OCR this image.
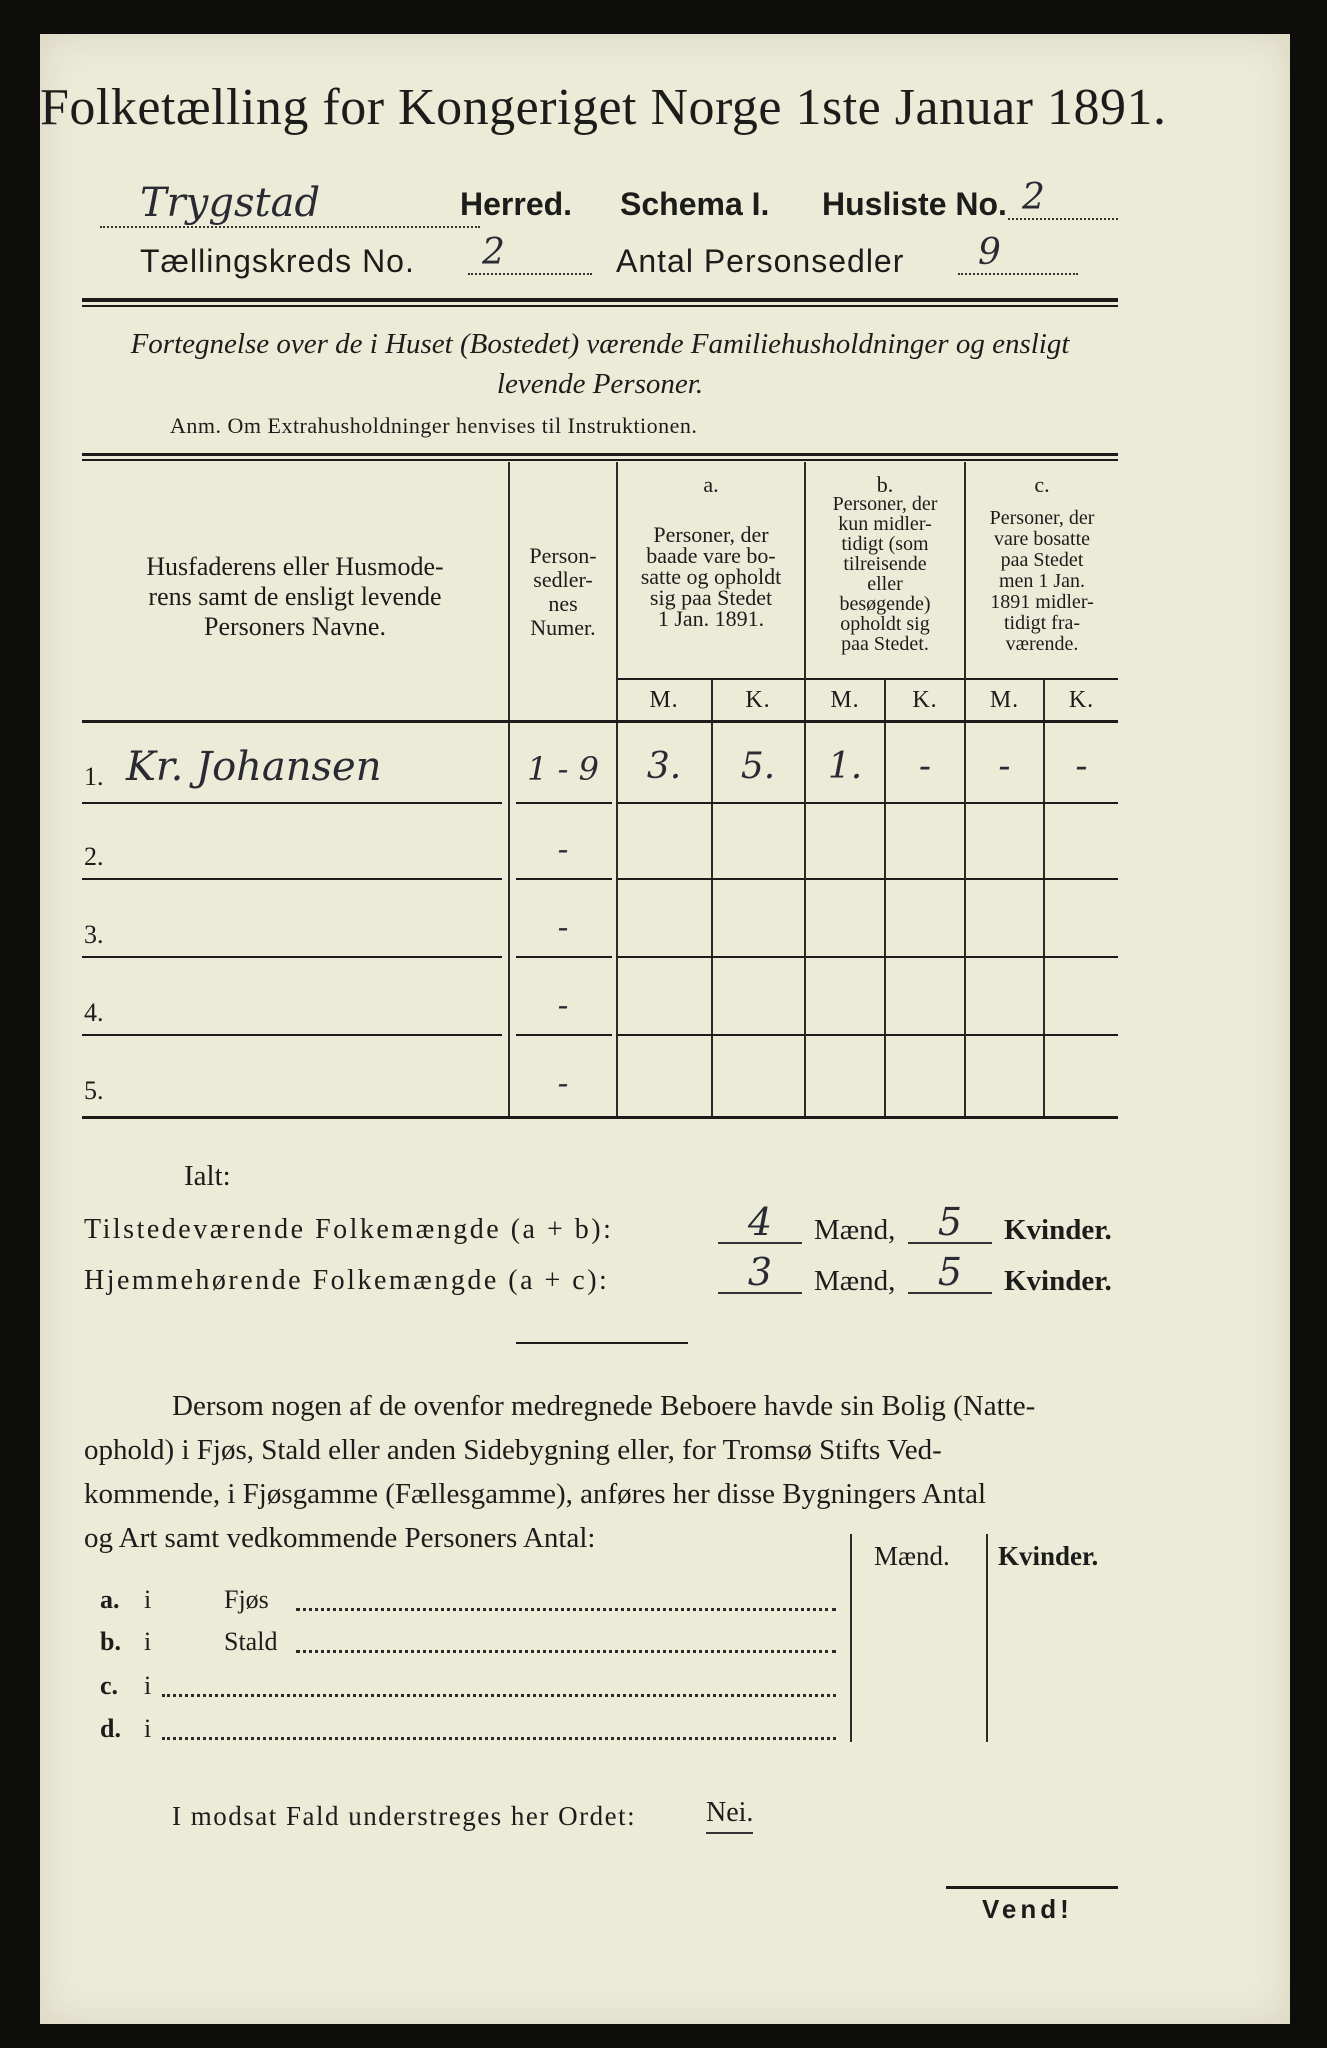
Folketælling for Kongeriget Norge 1ste Januar 1891.
Trygstad	Herred. Schema I. Husliste No. 2
Tællingskreds No.	2	Antal Personsedler	9
Fortegnelse over de i Huset (Bostedet) værende Familiehusholdninger og ensligt
levende Personer.
Anm. Om Extrahusholdninger henvises til Instruktionen.
Husfaderens eller Husmode-
rens samt de ensligt levende
Personers Navne.
Person-
sedler-
nes
Numer.
a.
Personer, der
baade vare bo-
satte og opholdt
sig paa Stedet
1 Jan. 1891.
b.
Personer, der
kun midler-
tidigt (som
tilreisende
eller
besøgende)
opholdt sig
paa Stedet.
c.
Personer, der
vare bosatte
paa Stedet
men 1 Jan.
1891 midler-
tidigt fra-
værende.
M.	K.	M.	K.	M.	K.
1. Kr. Johansen	1 - 9	3.	5.	1.	-	-	-
2.	-
3.	-
4.	-
5.	-
Ialt:
Tilstedeværende Folkemængde (a + b):	4	Mænd,	5	Kvinder.
Hjemmehørende Folkemængde (a + c):	3	Mænd,	5	Kvinder.
Dersom nogen af de ovenfor medregnede Beboere havde sin Bolig (Natte-
ophold) i Fjøs, Stald eller anden Sidebygning eller, for Tromsø Stifts Ved-
kommende, i Fjøsgamme (Fællesgamme), anføres her disse Bygningers Antal
og Art samt vedkommende Personers Antal:
Mænd. Kvinder.
a. i	Fjøs
b. i	Stald
c. i
d. i
I modsat Fald understreges her Ordet: Nei.
Vend!
